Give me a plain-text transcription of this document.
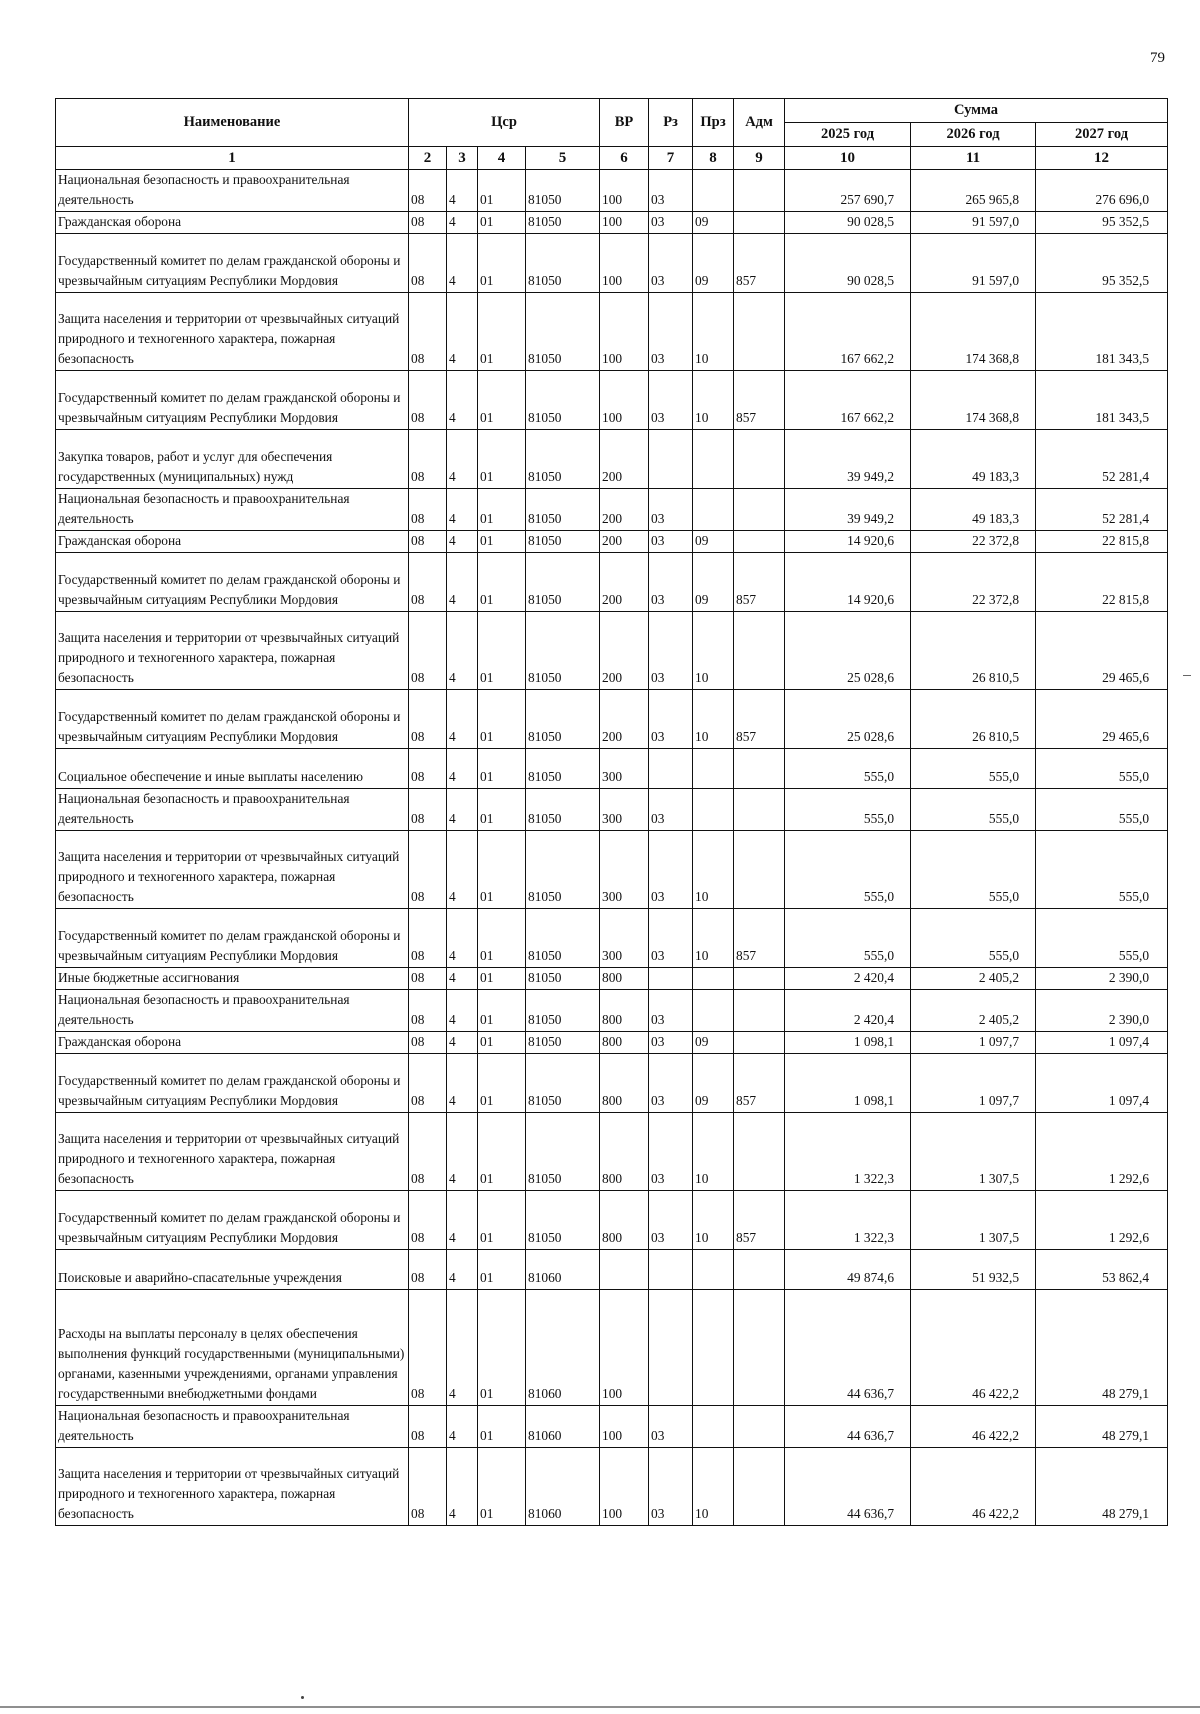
79
Наименование	Цср				ВР	Рз	Прз	Адм	Сумма		
									2025 год	2026 год	2027 год
1	2	3	4	5	6	7	8	9	10	11	12
Национальная безопасность и правоохранительная деятельность	08	4	01	81050	100	03			257 690,7	265 965,8	276 696,0
Гражданская оборона	08	4	01	81050	100	03	09		90 028,5	91 597,0	95 352,5
Государственный комитет по делам гражданской обороны и чрезвычайным ситуациям Республики Мордовия	08	4	01	81050	100	03	09	857	90 028,5	91 597,0	95 352,5
Защита населения и территории от чрезвычайных ситуаций природного и техногенного характера, пожарная безопасность	08	4	01	81050	100	03	10		167 662,2	174 368,8	181 343,5
Государственный комитет по делам гражданской обороны и чрезвычайным ситуациям Республики Мордовия	08	4	01	81050	100	03	10	857	167 662,2	174 368,8	181 343,5
Закупка товаров, работ и услуг для обеспечения государственных (муниципальных) нужд	08	4	01	81050	200				39 949,2	49 183,3	52 281,4
Национальная безопасность и правоохранительная деятельность	08	4	01	81050	200	03			39 949,2	49 183,3	52 281,4
Гражданская оборона	08	4	01	81050	200	03	09		14 920,6	22 372,8	22 815,8
Государственный комитет по делам гражданской обороны и чрезвычайным ситуациям Республики Мордовия	08	4	01	81050	200	03	09	857	14 920,6	22 372,8	22 815,8
Защита населения и территории от чрезвычайных ситуаций природного и техногенного характера, пожарная безопасность	08	4	01	81050	200	03	10		25 028,6	26 810,5	29 465,6
Государственный комитет по делам гражданской обороны и чрезвычайным ситуациям Республики Мордовия	08	4	01	81050	200	03	10	857	25 028,6	26 810,5	29 465,6
Социальное обеспечение и иные выплаты населению	08	4	01	81050	300				555,0	555,0	555,0
Национальная безопасность и правоохранительная деятельность	08	4	01	81050	300	03			555,0	555,0	555,0
Защита населения и территории от чрезвычайных ситуаций природного и техногенного характера, пожарная безопасность	08	4	01	81050	300	03	10		555,0	555,0	555,0
Государственный комитет по делам гражданской обороны и чрезвычайным ситуациям Республики Мордовия	08	4	01	81050	300	03	10	857	555,0	555,0	555,0
Иные бюджетные ассигнования	08	4	01	81050	800				2 420,4	2 405,2	2 390,0
Национальная безопасность и правоохранительная деятельность	08	4	01	81050	800	03			2 420,4	2 405,2	2 390,0
Гражданская оборона	08	4	01	81050	800	03	09		1 098,1	1 097,7	1 097,4
Государственный комитет по делам гражданской обороны и чрезвычайным ситуациям Республики Мордовия	08	4	01	81050	800	03	09	857	1 098,1	1 097,7	1 097,4
Защита населения и территории от чрезвычайных ситуаций природного и техногенного характера, пожарная безопасность	08	4	01	81050	800	03	10		1 322,3	1 307,5	1 292,6
Государственный комитет по делам гражданской обороны и чрезвычайным ситуациям Республики Мордовия	08	4	01	81050	800	03	10	857	1 322,3	1 307,5	1 292,6
Поисковые и аварийно-спасательные учреждения	08	4	01	81060					49 874,6	51 932,5	53 862,4
Расходы на выплаты персоналу в целях обеспечения выполнения функций государственными (муниципальными) органами, казенными учреждениями, органами управления государственными внебюджетными фондами	08	4	01	81060	100				44 636,7	46 422,2	48 279,1
Национальная безопасность и правоохранительная деятельность	08	4	01	81060	100	03			44 636,7	46 422,2	48 279,1
Защита населения и территории от чрезвычайных ситуаций природного и техногенного характера, пожарная безопасность	08	4	01	81060	100	03	10		44 636,7	46 422,2	48 279,1
